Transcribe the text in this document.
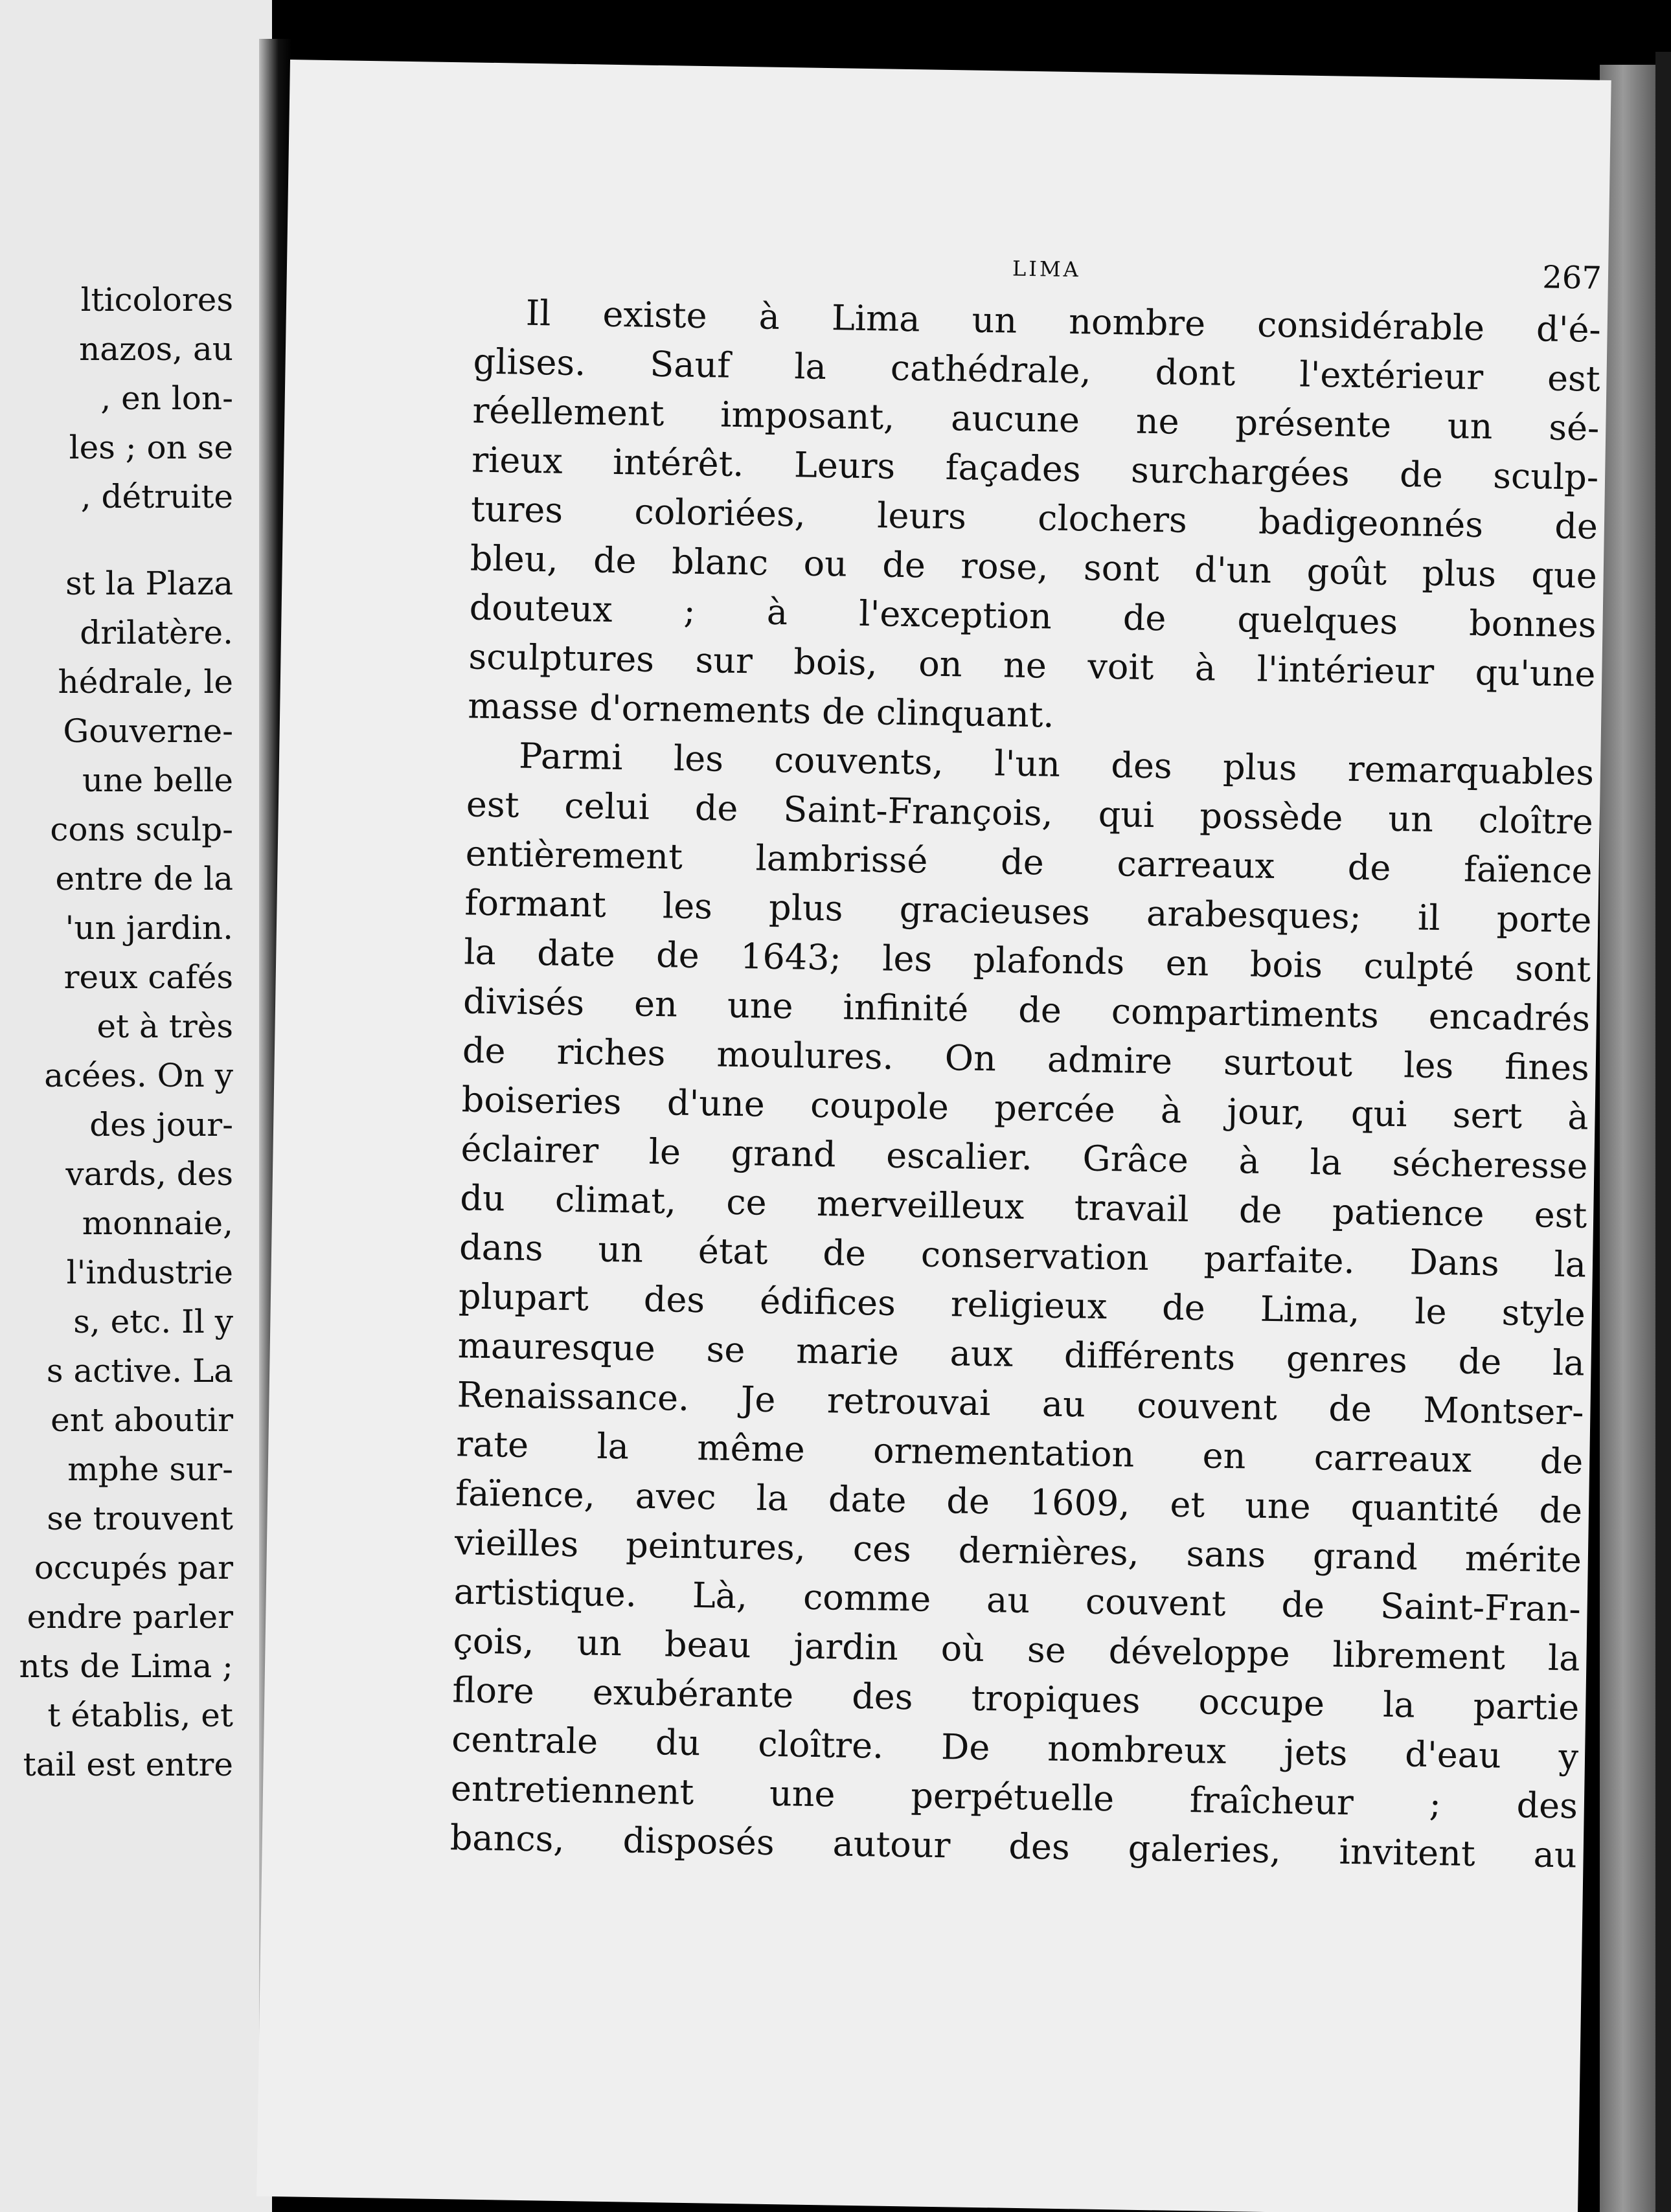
lticolores
nazos, au
, en lon-
les ; on se
, détruite
st la Plaza
drilatère.
hédrale, le
Gouverne-
une belle
cons sculp-
entre de la
'un jardin.
reux cafés
et à très
acées. On y
des jour-
vards, des
monnaie,
l'industrie
s, etc. Il y
s active. La
ent aboutir
mphe sur-
se trouvent
occupés par
endre parler
nts de Lima ;
t établis, et
tail est entre
LIMA	267
Il existe à Lima un nombre considérable d'é-
glises. Sauf la cathédrale, dont l'extérieur est
réellement imposant, aucune ne présente un sé-
rieux intérêt. Leurs façades surchargées de sculp-
tures coloriées, leurs clochers badigeonnés de
bleu, de blanc ou de rose, sont d'un goût plus que
douteux ; à l'exception de quelques bonnes
sculptures sur bois, on ne voit à l'intérieur qu'une
masse d'ornements de clinquant.
Parmi les couvents, l'un des plus remarquables
est celui de Saint-François, qui possède un cloître
entièrement lambrissé de carreaux de faïence
formant les plus gracieuses arabesques; il porte
la date de 1643; les plafonds en bois culpté sont
divisés en une infinité de compartiments encadrés
de riches moulures. On admire surtout les fines
boiseries d'une coupole percée à jour, qui sert à
éclairer le grand escalier. Grâce à la sécheresse
du climat, ce merveilleux travail de patience est
dans un état de conservation parfaite. Dans la
plupart des édifices religieux de Lima, le style
mauresque se marie aux différents genres de la
Renaissance. Je retrouvai au couvent de Montser-
rate la même ornementation en carreaux de
faïence, avec la date de 1609, et une quantité de
vieilles peintures, ces dernières, sans grand mérite
artistique. Là, comme au couvent de Saint-Fran-
çois, un beau jardin où se développe librement la
flore exubérante des tropiques occupe la partie
centrale du cloître. De nombreux jets d'eau y
entretiennent une perpétuelle fraîcheur ; des
bancs, disposés autour des galeries, invitent au
